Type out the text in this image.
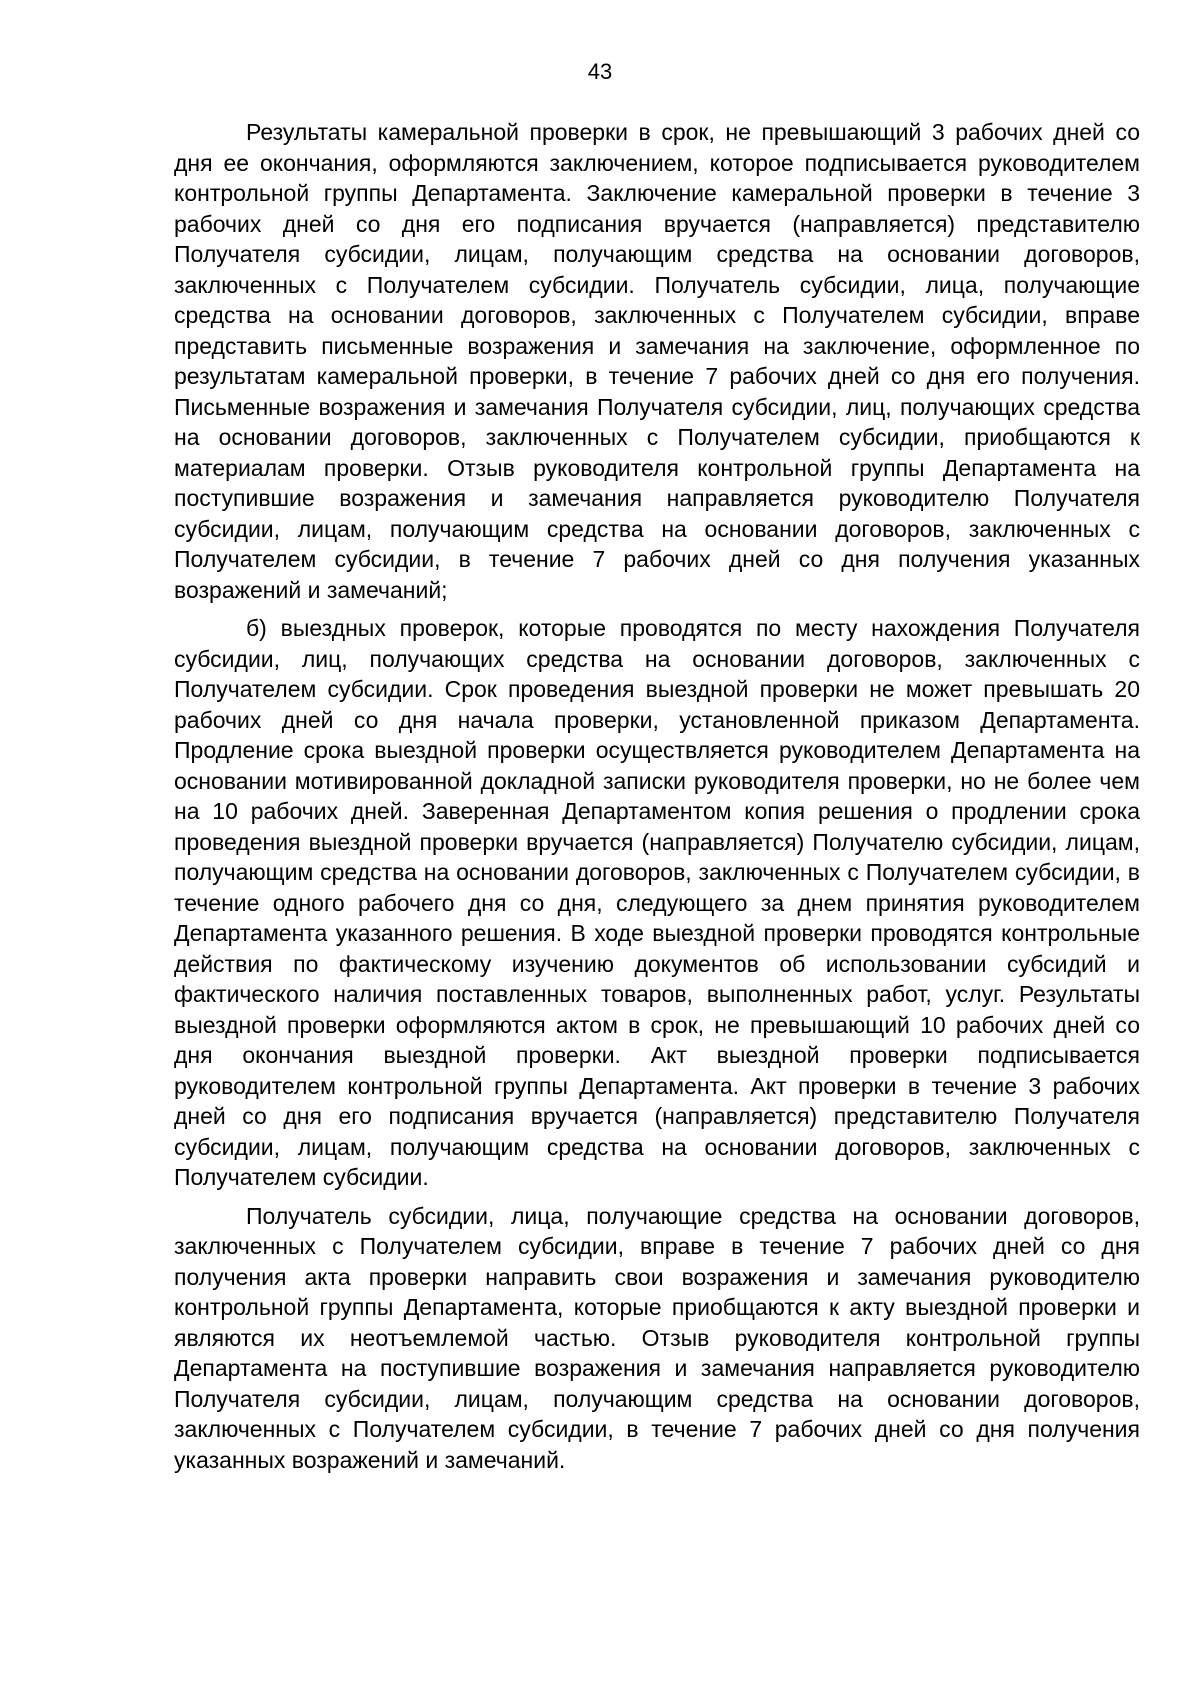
43

Результаты камеральной проверки в срок, не превышающий 3 рабочих дней со дня ее окончания, оформляются заключением, которое подписывается руководителем контрольной группы Департамента. Заключение камеральной проверки в течение 3 рабочих дней со дня его подписания вручается (направляется) представителю Получателя субсидии, лицам, получающим средства на основании договоров, заключенных с Получателем субсидии. Получатель субсидии, лица, получающие средства на основании договоров, заключенных с Получателем субсидии, вправе представить письменные возражения и замечания на заключение, оформленное по результатам камеральной проверки, в течение 7 рабочих дней со дня его получения. Письменные возражения и замечания Получателя субсидии, лиц, получающих средства на основании договоров, заключенных с Получателем субсидии, приобщаются к материалам проверки. Отзыв руководителя контрольной группы Департамента на поступившие возражения и замечания направляется руководителю Получателя субсидии, лицам, получающим средства на основании договоров, заключенных с Получателем субсидии, в течение 7 рабочих дней со дня получения указанных возражений и замечаний;

б) выездных проверок, которые проводятся по месту нахождения Получателя субсидии, лиц, получающих средства на основании договоров, заключенных с Получателем субсидии. Срок проведения выездной проверки не может превышать 20 рабочих дней со дня начала проверки, установленной приказом Департамента. Продление срока выездной проверки осуществляется руководителем Департамента на основании мотивированной докладной записки руководителя проверки, но не более чем на 10 рабочих дней. Заверенная Департаментом копия решения о продлении срока проведения выездной проверки вручается (направляется) Получателю субсидии, лицам, получающим средства на основании договоров, заключенных с Получателем субсидии, в течение одного рабочего дня со дня, следующего за днем принятия руководителем Департамента указанного решения. В ходе выездной проверки проводятся контрольные действия по фактическому изучению документов об использовании субсидий и фактического наличия поставленных товаров, выполненных работ, услуг. Результаты выездной проверки оформляются актом в срок, не превышающий 10 рабочих дней со дня окончания выездной проверки. Акт выездной проверки подписывается руководителем контрольной группы Департамента. Акт проверки в течение 3 рабочих дней со дня его подписания вручается (направляется) представителю Получателя субсидии, лицам, получающим средства на основании договоров, заключенных с Получателем субсидии.

Получатель субсидии, лица, получающие средства на основании договоров, заключенных с Получателем субсидии, вправе в течение 7 рабочих дней со дня получения акта проверки направить свои возражения и замечания руководителю контрольной группы Департамента, которые приобщаются к акту выездной проверки и являются их неотъемлемой частью. Отзыв руководителя контрольной группы Департамента на поступившие возражения и замечания направляется руководителю Получателя субсидии, лицам, получающим средства на основании договоров, заключенных с Получателем субсидии, в течение 7 рабочих дней со дня получения указанных возражений и замечаний.
